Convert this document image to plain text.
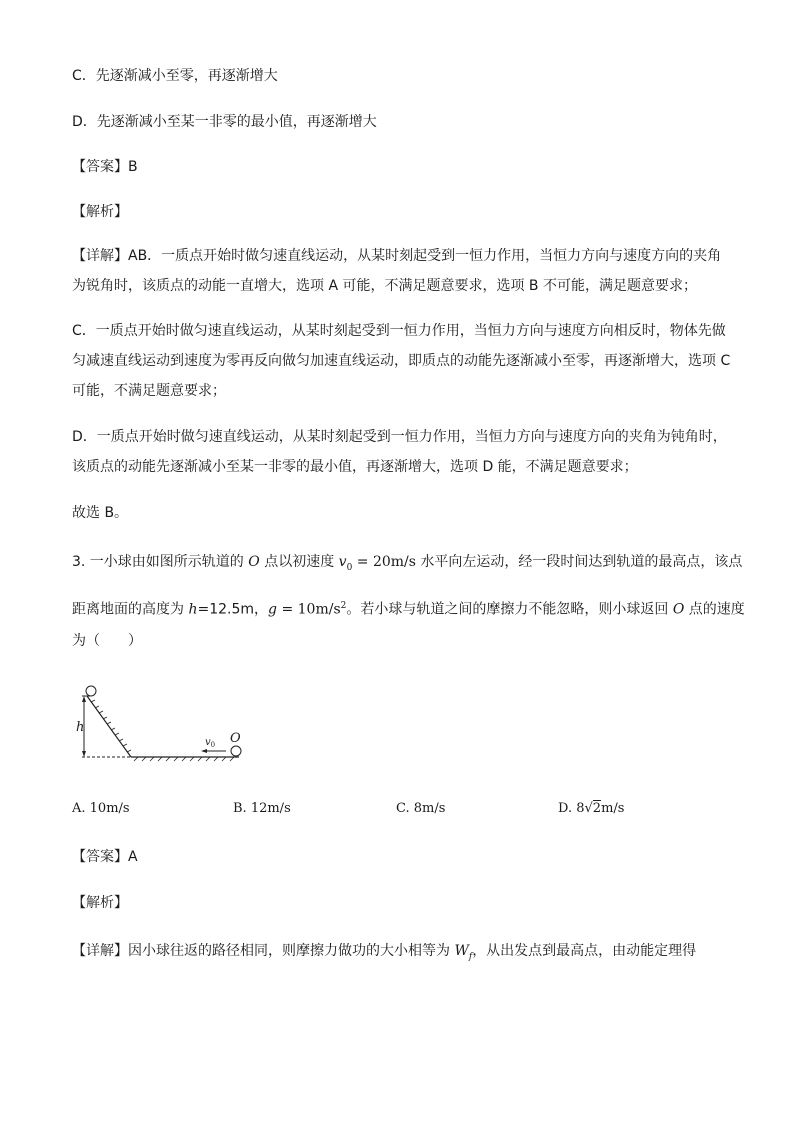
C．先逐渐减小至零，再逐渐增大
D．先逐渐减小至某一非零的最小值，再逐渐增大
【答案】B
【解析】
【详解】AB．一质点开始时做匀速直线运动，从某时刻起受到一恒力作用，当恒力方向与速度方向的夹角
为锐角时，该质点的动能一直增大，选项 A 可能，不满足题意要求，选项 B 不可能，满足题意要求；
C．一质点开始时做匀速直线运动，从某时刻起受到一恒力作用，当恒力方向与速度方向相反时，物体先做
匀减速直线运动到速度为零再反向做匀加速直线运动，即质点的动能先逐渐减小至零，再逐渐增大，选项 C
可能，不满足题意要求；
D．一质点开始时做匀速直线运动，从某时刻起受到一恒力作用，当恒力方向与速度方向的夹角为钝角时，
该质点的动能先逐渐减小至某一非零的最小值，再逐渐增大，选项 D 能，不满足题意要求；
故选 B。
3. 一小球由如图所示轨道的 O 点以初速度 $v_0 = 20m/s$ 水平向左运动，经一段时间达到轨道的最高点，该点
距离地面的高度为 h=12.5m，$g = 10m/s^2$。若小球与轨道之间的摩擦力不能忽略，则小球返回 O 点的速度
为（　　）
h
O
$v_0$
A. 10m/s	B. 12m/s	C. 8m/s	D. 8√2m/s
【答案】A
【解析】
【详解】因小球往返的路径相同，则摩擦力做功的大小相等为 $W_f$，从出发点到最高点，由动能定理得
